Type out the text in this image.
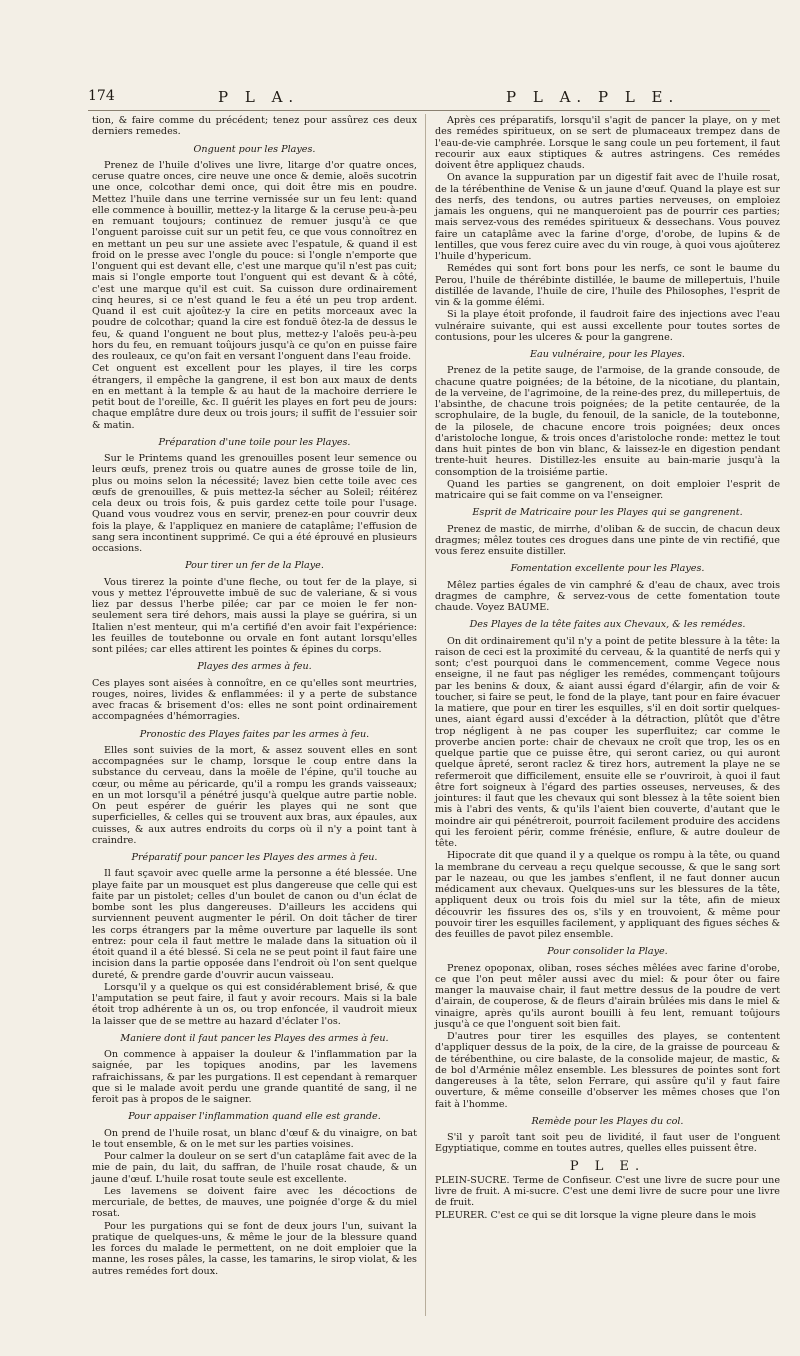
174	P L A.	P L A. P L E.

tion, & faire comme du précédent; tenez pour assûrez ces deux derniers remedes.

Onguent pour les Playes.

Prenez de l'huile d'olives une livre, litarge d'or quatre onces, ceruse quatre onces, cire neuve une once & demie, aloës sucotrin une once, colcothar demi once, qui doit être mis en poudre. Mettez l'huile dans une terrine vernissée sur un feu lent: quand elle commence à bouillir, mettez-y la litarge & la ceruse peu-à-peu en remuant toujours; continuez de remuer jusqu'à ce que l'onguent paroisse cuit sur un petit feu, ce que vous connoîtrez en en mettant un peu sur une assiete avec l'espatule, & quand il est froid on le presse avec l'ongle du pouce: si l'ongle n'emporte que l'onguent qui est devant elle, c'est une marque qu'il n'est pas cuit; mais si l'ongle emporte tout l'onguent qui est devant & à côté, c'est une marque qu'il est cuit. Sa cuisson dure ordinairement cinq heures, si ce n'est quand le feu a été un peu trop ardent. Quand il est cuit ajoûtez-y la cire en petits morceaux avec la poudre de colcothar; quand la cire est fonduë ôtez-la de dessus le feu, & quand l'onguent ne bout plus, mettez-y l'aloës peu-à-peu hors du feu, en remuant toûjours jusqu'à ce qu'on en puisse faire des rouleaux, ce qu'on fait en versant l'onguent dans l'eau froide.

Cet onguent est excellent pour les playes, il tire les corps étrangers, il empêche la gangrene, il est bon aux maux de dents en en mettant à la temple & au haut de la machoire derriere le petit bout de l'oreille, &c. Il guérit les playes en fort peu de jours: chaque emplâtre dure deux ou trois jours; il suffit de l'essuier soir & matin.

Préparation d'une toile pour les Playes.

Sur le Printems quand les grenouilles posent leur semence ou leurs œufs, prenez trois ou quatre aunes de grosse toile de lin, plus ou moins selon la nécessité; lavez bien cette toile avec ces œufs de grenouilles, & puis mettez-la sécher au Soleil; réitérez cela deux ou trois fois, & puis gardez cette toile pour l'usage. Quand vous voudrez vous en servir, prenez-en pour couvrir deux fois la playe, & l'appliquez en maniere de cataplâme; l'effusion de sang sera incontinent supprimé. Ce qui a été éprouvé en plusieurs occasions.

Pour tirer un fer de la Playe.

Vous tirerez la pointe d'une fleche, ou tout fer de la playe, si vous y mettez l'éprouvette imbuë de suc de valeriane, & si vous liez par dessus l'herbe pilée; car par ce moien le fer non-seulement sera tiré dehors, mais aussi la playe se guérira, si un Italien n'est menteur, qui m'a certifié d'en avoir fait l'expérience: les feuilles de toutebonne ou orvale en font autant lorsqu'elles sont pilées; car elles attirent les pointes & épines du corps.

Playes des armes à feu.

Ces playes sont aisées à connoître, en ce qu'elles sont meurtries, rouges, noires, livides & enflammées: il y a perte de substance avec fracas & brisement d'os: elles ne sont point ordinairement accompagnées d'hémorragies.

Pronostic des Playes faites par les armes à feu.

Elles sont suivies de la mort, & assez souvent elles en sont accompagnées sur le champ, lorsque le coup entre dans la substance du cerveau, dans la moële de l'épine, qu'il touche au cœur, ou même au péricarde, qu'il a rompu les grands vaisseaux; en un mot lorsqu'il a pénétré jusqu'à quelque autre partie noble. On peut espérer de guérir les playes qui ne sont que superficielles, & celles qui se trouvent aux bras, aux épaules, aux cuisses, & aux autres endroits du corps où il n'y a point tant à craindre.

Préparatif pour pancer les Playes des armes à feu.

Il faut sçavoir avec quelle arme la personne a été blessée. Une playe faite par un mousquet est plus dangereuse que celle qui est faite par un pistolet; celles d'un boulet de canon ou d'un éclat de bombe sont les plus dangereuses. D'ailleurs les accidens qui surviennent peuvent augmenter le péril. On doit tâcher de tirer les corps étrangers par la même ouverture par laquelle ils sont entrez: pour cela il faut mettre le malade dans la situation où il étoit quand il a été blessé. Si cela ne se peut point il faut faire une incision dans la partie opposée dans l'endroit où l'on sent quelque dureté, & prendre garde d'ouvrir aucun vaisseau.

Lorsqu'il y a quelque os qui est considérablement brisé, & que l'amputation se peut faire, il faut y avoir recours. Mais si la bale étoit trop adhérente à un os, ou trop enfoncée, il vaudroit mieux la laisser que de se mettre au hazard d'éclater l'os.

Maniere dont il faut pancer les Playes des armes à feu.

On commence à appaiser la douleur & l'inflammation par la saignée, par les topiques anodins, par les lavemens rafraichissans, & par les purgations. Il est cependant à remarquer que si le malade avoit perdu une grande quantité de sang, il ne feroit pas à propos de le saigner.

Pour appaiser l'inflammation quand elle est grande.

On prend de l'huile rosat, un blanc d'œuf & du vinaigre, on bat le tout ensemble, & on le met sur les parties voisines.

Pour calmer la douleur on se sert d'un cataplâme fait avec de la mie de pain, du lait, du saffran, de l'huile rosat chaude, & un jaune d'œuf. L'huile rosat toute seule est excellente.

Les lavemens se doivent faire avec les décoctions de mercuriale, de bettes, de mauves, une poignée d'orge & du miel rosat.

Pour les purgations qui se font de deux jours l'un, suivant la pratique de quelques-uns, & même le jour de la blessure quand les forces du malade le permettent, on ne doit emploier que la manne, les roses pâles, la casse, les tamarins, le sirop violat, & les autres remédes fort doux.

Après ces préparatifs, lorsqu'il s'agit de pancer la playe, on y met des remédes spiritueux, on se sert de plumaceaux trempez dans de l'eau-de-vie camphrée. Lorsque le sang coule un peu fortement, il faut recourir aux eaux stiptiques & autres astringens. Ces remédes doivent être appliquez chauds.

On avance la suppuration par un digestif fait avec de l'huile rosat, de la térébenthine de Venise & un jaune d'œuf. Quand la playe est sur des nerfs, des tendons, ou autres parties nerveuses, on emploiez jamais les onguens, qui ne manqueroient pas de pourrir ces parties; mais servez-vous des remédes spiritueux & dessechans. Vous pouvez faire un cataplâme avec la farine d'orge, d'orobe, de lupins & de lentilles, que vous ferez cuire avec du vin rouge, à quoi vous ajoûterez l'huile d'hypericum.

Remédes qui sont fort bons pour les nerfs, ce sont le baume du Perou, l'huile de thérébinte distillée, le baume de millepertuis, l'huile distillée de lavande, l'huile de cire, l'huile des Philosophes, l'esprit de vin & la gomme élémi.

Si la playe étoit profonde, il faudroit faire des injections avec l'eau vulnéraire suivante, qui est aussi excellente pour toutes sortes de contusions, pour les ulceres & pour la gangrene.

Eau vulnéraire, pour les Playes.

Prenez de la petite sauge, de l'armoise, de la grande consoude, de chacune quatre poignées; de la bétoine, de la nicotiane, du plantain, de la verveine, de l'agrimoine, de la reine-des prez, du millepertuis, de l'absinthe, de chacune trois poignées; de la petite centaurée, de la scrophulaire, de la bugle, du fenouil, de la sanicle, de la toutebonne, de la pilosele, de chacune encore trois poignées; deux onces d'aristoloche longue, & trois onces d'aristoloche ronde: mettez le tout dans huit pintes de bon vin blanc, & laissez-le en digestion pendant trente-huit heures. Distillez-les ensuite au bain-marie jusqu'à la consomption de la troisiéme partie.

Quand les parties se gangrenent, on doit emploier l'esprit de matricaire qui se fait comme on va l'enseigner.

Esprit de Matricaire pour les Playes qui se gangrenent.

Prenez de mastic, de mirrhe, d'oliban & de succin, de chacun deux dragmes; mêlez toutes ces drogues dans une pinte de vin rectifié, que vous ferez ensuite distiller.

Fomentation excellente pour les Playes.

Mêlez parties égales de vin camphré & d'eau de chaux, avec trois dragmes de camphre, & servez-vous de cette fomentation toute chaude. Voyez BAUME.

Des Playes de la tête faites aux Chevaux, & les remédes.

On dit ordinairement qu'il n'y a point de petite blessure à la tête: la raison de ceci est la proximité du cerveau, & la quantité de nerfs qui y sont; c'est pourquoi dans le commencement, comme Vegece nous enseigne, il ne faut pas négliger les remédes, commençant toûjours par les benins & doux, & aiant aussi égard d'élargir, afin de voir & toucher, si faire se peut, le fond de la playe, tant pour en faire évacuer la matiere, que pour en tirer les esquilles, s'il en doit sortir quelques-unes, aiant égard aussi d'excéder à la détraction, plûtôt que d'être trop négligent à ne pas couper les superfluitez; car comme le proverbe ancien porte: chair de chevaux ne croît que trop, les os en quelque partie que ce puisse être, qui seront cariez, ou qui auront quelque âpreté, seront raclez & tirez hors, autrement la playe ne se refermeroit que difficilement, ensuite elle se r'ouvriroit, à quoi il faut être fort soigneux à l'égard des parties osseuses, nerveuses, & des jointures: il faut que les chevaux qui sont blessez à la tête soient bien mis à l'abri des vents, & qu'ils l'aient bien couverte, d'autant que le moindre air qui pénétreroit, pourroit facilement produire des accidens qui les feroient périr, comme frénésie, enflure, & autre douleur de tête.

Hipocrate dit que quand il y a quelque os rompu à la tête, ou quand la membrane du cerveau a reçu quelque secousse, & que le sang sort par le nazeau, ou que les jambes s'enflent, il ne faut donner aucun médicament aux chevaux. Quelques-uns sur les blessures de la tête, appliquent deux ou trois fois du miel sur la tête, afin de mieux découvrir les fissures des os, s'ils y en trouvoient, & même pour pouvoir tirer les esquilles facilement, y appliquant des figues séches & des feuilles de pavot pilez ensemble.

Pour consolider la Playe.

Prenez opoponax, oliban, roses séches mêlées avec farine d'orobe, ce que l'on peut mêler aussi avec du miel: & pour ôter ou faire manger la mauvaise chair, il faut mettre dessus de la poudre de vert d'airain, de couperose, & de fleurs d'airain brûlées mis dans le miel & vinaigre, après qu'ils auront bouilli à feu lent, remuant toûjours jusqu'à ce que l'onguent soit bien fait.

D'autres pour tirer les esquilles des playes, se contentent d'appliquer dessus de la poix, de la cire, de la graisse de pourceau & de térébenthine, ou cire balaste, de la consolide majeur, de mastic, & de bol d'Arménie mêlez ensemble. Les blessures de pointes sont fort dangereuses à la tête, selon Ferrare, qui assûre qu'il y faut faire ouverture, & même conseille d'observer les mêmes choses que l'on fait à l'homme.

Remède pour les Playes du col.

S'il y paroît tant soit peu de lividité, il faut user de l'onguent Egyptiatique, comme en toutes autres, quelles elles puissent être.

P L E.

PLEIN-SUCRE. Terme de Confiseur. C'est une livre de sucre pour une livre de fruit. A mi-sucre. C'est une demi livre de sucre pour une livre de fruit.

PLEURER. C'est ce qui se dit lorsque la vigne pleure dans le mois
